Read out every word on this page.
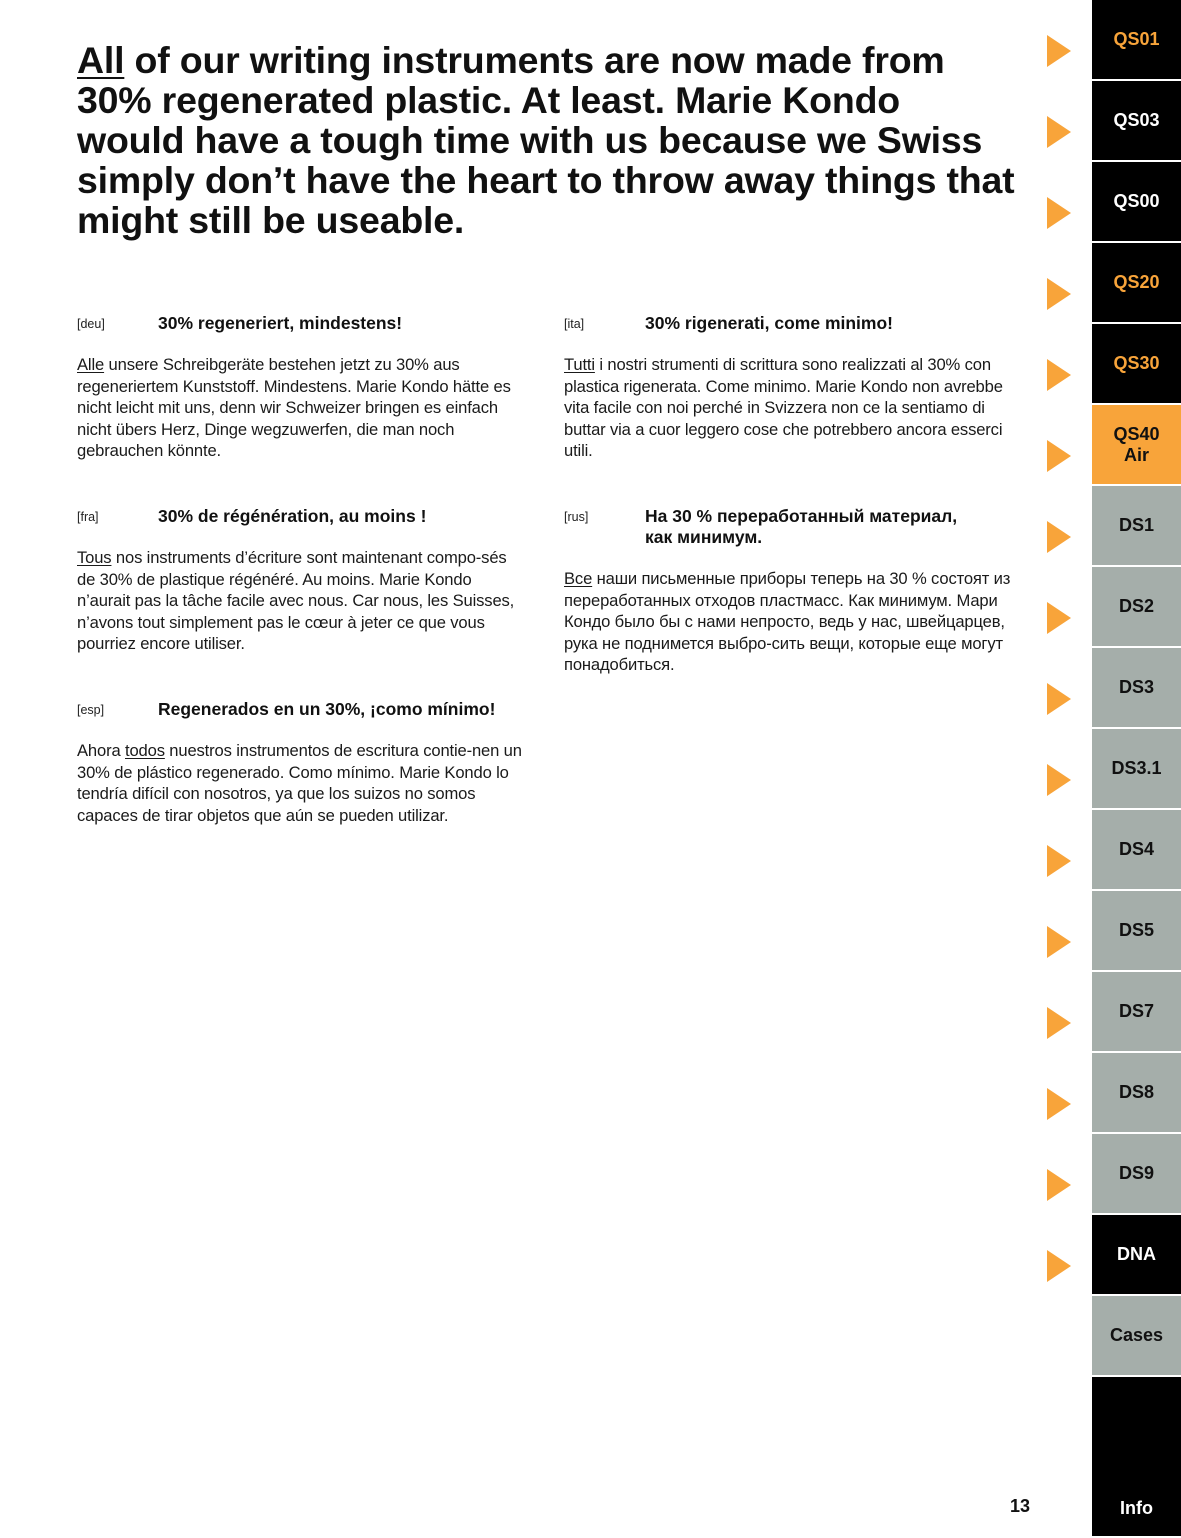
All of our writing instruments are now made from 30% regenerated plastic. At least. Marie Kondo would have a tough time with us because we Swiss simply don’t have the heart to throw away things that might still be useable.
[deu]	30% regeneriert, mindestens!

Alle unsere Schreibgeräte bestehen jetzt zu 30% aus regeneriertem Kunststoff. Mindestens. Marie Kondo hätte es nicht leicht mit uns, denn wir Schweizer bringen es einfach nicht übers Herz, Dinge wegzuwerfen, die man noch gebrauchen könnte.

[fra]	30% de régénération, au moins !

Tous nos instruments d’écriture sont maintenant compo-sés de 30% de plastique régénéré. Au moins. Marie Kondo n’aurait pas la tâche facile avec nous. Car nous, les Suisses, n’avons tout simplement pas le cœur à jeter ce que vous pourriez encore utiliser.

[esp]	Regenerados en un 30%, ¡como mínimo!

Ahora todos nuestros instrumentos de escritura contie-nen un 30% de plástico regenerado. Como mínimo. Marie Kondo lo tendría difícil con nosotros, ya que los suizos no somos capaces de tirar objetos que aún se pueden utilizar.

[ita]	30% rigenerati, come minimo!

Tutti i nostri strumenti di scrittura sono realizzati al 30% con plastica rigenerata. Come minimo. Marie Kondo non avrebbe vita facile con noi perché in Svizzera non ce la sentiamo di buttar via a cuor leggero cose che potrebbero ancora esserci utili.

[rus]	На 30 % переработанный материал, как минимум.

Все наши письменные приборы теперь на 30 % состоят из переработанных отходов пластмасс. Как минимум. Мари Кондо было бы с нами непросто, ведь у нас, швейцарцев, рука не поднимется выбро-сить вещи, которые еще могут понадобиться.

QS01
QS03
QS00
QS20
QS30
QS40
Air
DS1
DS2
DS3
DS3.1
DS4
DS5
DS7
DS8
DS9
DNA
Cases
Info
13
